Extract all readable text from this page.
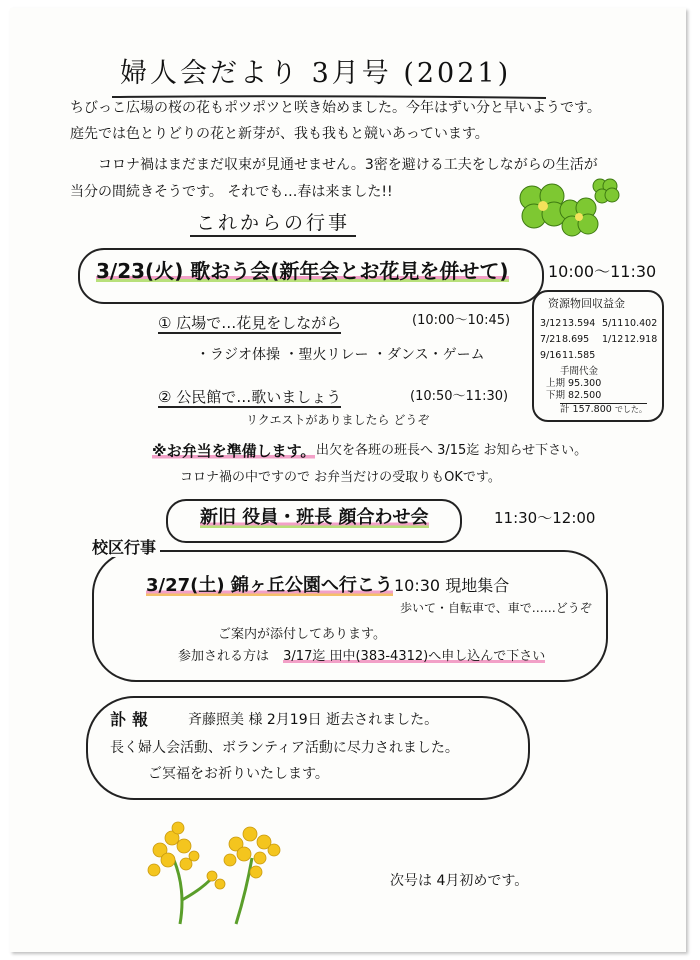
婦人会だより 3月号 (2021)
ちびっこ広場の桜の花もポツポツと咲き始めました。今年はずい分と早いようです。
庭先では色とりどりの花と新芽が、我も我もと競いあっています。
コロナ禍はまだまだ収束が見通せません。3密を避ける工夫をしながらの生活が
当分の間続きそうです。 それでも…春は来ました!!
これからの行事
3/23(火) 歌おう会(新年会とお花見を併せて) 10:00〜11:30
资源物回収益金
3/1213.594 5/1110.402
7/218.695 1/1212.918
9/1611.585
手間代金
上期 95.300
下期 82.500
計 157.800 でした。
① 広場で…花見をしながら	(10:00〜10:45)
・ラジオ体操 ・聖火リレー ・ダンス・ゲーム
② 公民館で…歌いましょう	(10:50〜11:30)
リクエストがありましたら どうぞ
※お弁当を準備します。 出欠を各班の班長へ 3/15迄 お知らせ下さい。
コロナ禍の中ですので お弁当だけの受取りもOKです。
新旧 役員・班長 顔合わせ会	11:30〜12:00
校区行事
3/27(土) 錦ヶ丘公園へ行こう 10:30 現地集合
歩いて・自転車で、車で……どうぞ
ご案内が添付してあります。
参加される方は 3/17迄 田中(383-4312)へ申し込んで下さい
訃報 斉藤照美 様 2月19日 逝去されました。
長く婦人会活動、ボランティア活動に尽力されました。
ご冥福をお祈りいたします。
次号は 4月初めです。
